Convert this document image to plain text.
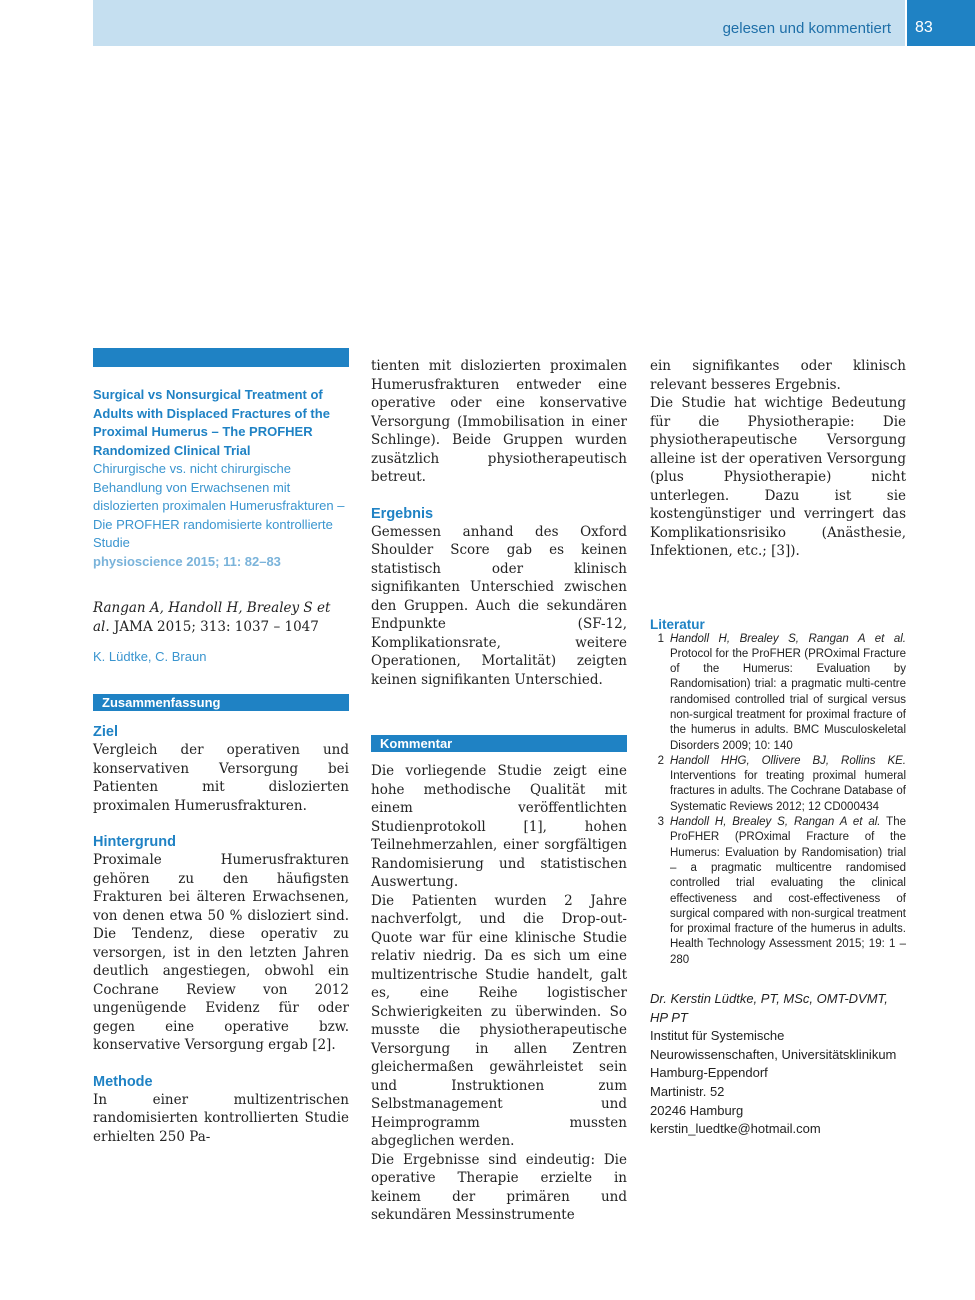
gelesen und kommentiert 83
Surgical vs Nonsurgical Treatment of Adults with Displaced Fractures of the Proximal Humerus – The PROFHER Randomized Clinical Trial
Chirurgische vs. nicht chirurgische Behandlung von Erwachsenen mit dislozierten proximalen Humerusfrakturen – Die PROFHER randomisierte kontrollierte Studie
physioscience 2015; 11: 82–83
Rangan A, Handoll H, Brealey S et al. JAMA 2015; 313: 1037 – 1047
K. Lüdtke, C. Braun
Zusammenfassung
Ziel
Vergleich der operativen und konservativen Versorgung bei Patienten mit dislozierten proximalen Humerusfrakturen.
Hintergrund
Proximale Humerusfrakturen gehören zu den häufigsten Frakturen bei älteren Erwachsenen, von denen etwa 50 % disloziert sind. Die Tendenz, diese operativ zu versorgen, ist in den letzten Jahren deutlich angestiegen, obwohl ein Cochrane Review von 2012 ungenügende Evidenz für oder gegen eine operative bzw. konservative Versorgung ergab [2].
Methode
In einer multizentrischen randomisierten kontrollierten Studie erhielten 250 Pa-
tienten mit dislozierten proximalen Humerusfrakturen entweder eine operative oder eine konservative Versorgung (Immobilisation in einer Schlinge). Beide Gruppen wurden zusätzlich physiotherapeutisch betreut.
Ergebnis
Gemessen anhand des Oxford Shoulder Score gab es keinen statistisch oder klinisch signifikanten Unterschied zwischen den Gruppen. Auch die sekundären Endpunkte (SF-12, Komplikationsrate, weitere Operationen, Mortalität) zeigten keinen signifikanten Unterschied.
Kommentar
Die vorliegende Studie zeigt eine hohe methodische Qualität mit einem veröffentlichten Studienprotokoll [1], hohen Teilnehmerzahlen, einer sorgfältigen Randomisierung und statistischen Auswertung.
Die Patienten wurden 2 Jahre nachverfolgt, und die Drop-out-Quote war für eine klinische Studie relativ niedrig. Da es sich um eine multizentrische Studie handelt, galt es, eine Reihe logistischer Schwierigkeiten zu überwinden. So musste die physiotherapeutische Versorgung in allen Zentren gleichermaßen gewährleistet sein und Instruktionen zum Selbstmanagement und Heimprogramm mussten abgeglichen werden.
Die Ergebnisse sind eindeutig: Die operative Therapie erzielte in keinem der primären und sekundären Messinstrumente
ein signifikantes oder klinisch relevant besseres Ergebnis.
Die Studie hat wichtige Bedeutung für die Physiotherapie: Die physiotherapeutische Versorgung alleine ist der operativen Versorgung (plus Physiotherapie) nicht unterlegen. Dazu ist sie kostengünstiger und verringert das Komplikationsrisiko (Anästhesie, Infektionen, etc.; [3]).
Literatur
1 Handoll H, Brealey S, Rangan A et al. Protocol for the ProFHER (PROximal Fracture of the Humerus: Evaluation by Randomisation) trial: a pragmatic multi-centre randomised controlled trial of surgical versus non-surgical treatment for proximal fracture of the humerus in adults. BMC Musculoskeletal Disorders 2009; 10: 140
2 Handoll HHG, Ollivere BJ, Rollins KE. Interventions for treating proximal humeral fractures in adults. The Cochrane Database of Systematic Reviews 2012; 12 CD000434
3 Handoll H, Brealey S, Rangan A et al. The ProFHER (PROximal Fracture of the Humerus: Evaluation by Randomisation) trial – a pragmatic multicentre randomised controlled trial evaluating the clinical effectiveness and cost-effectiveness of surgical compared with non-surgical treatment for proximal fracture of the humerus in adults. Health Technology Assessment 2015; 19: 1 – 280
Dr. Kerstin Lüdtke, PT, MSc, OMT-DVMT, HP PT
Institut für Systemische Neurowissenschaften, Universitätsklinikum Hamburg-Eppendorf
Martinistr. 52
20246 Hamburg
kerstin_luedtke@hotmail.com
